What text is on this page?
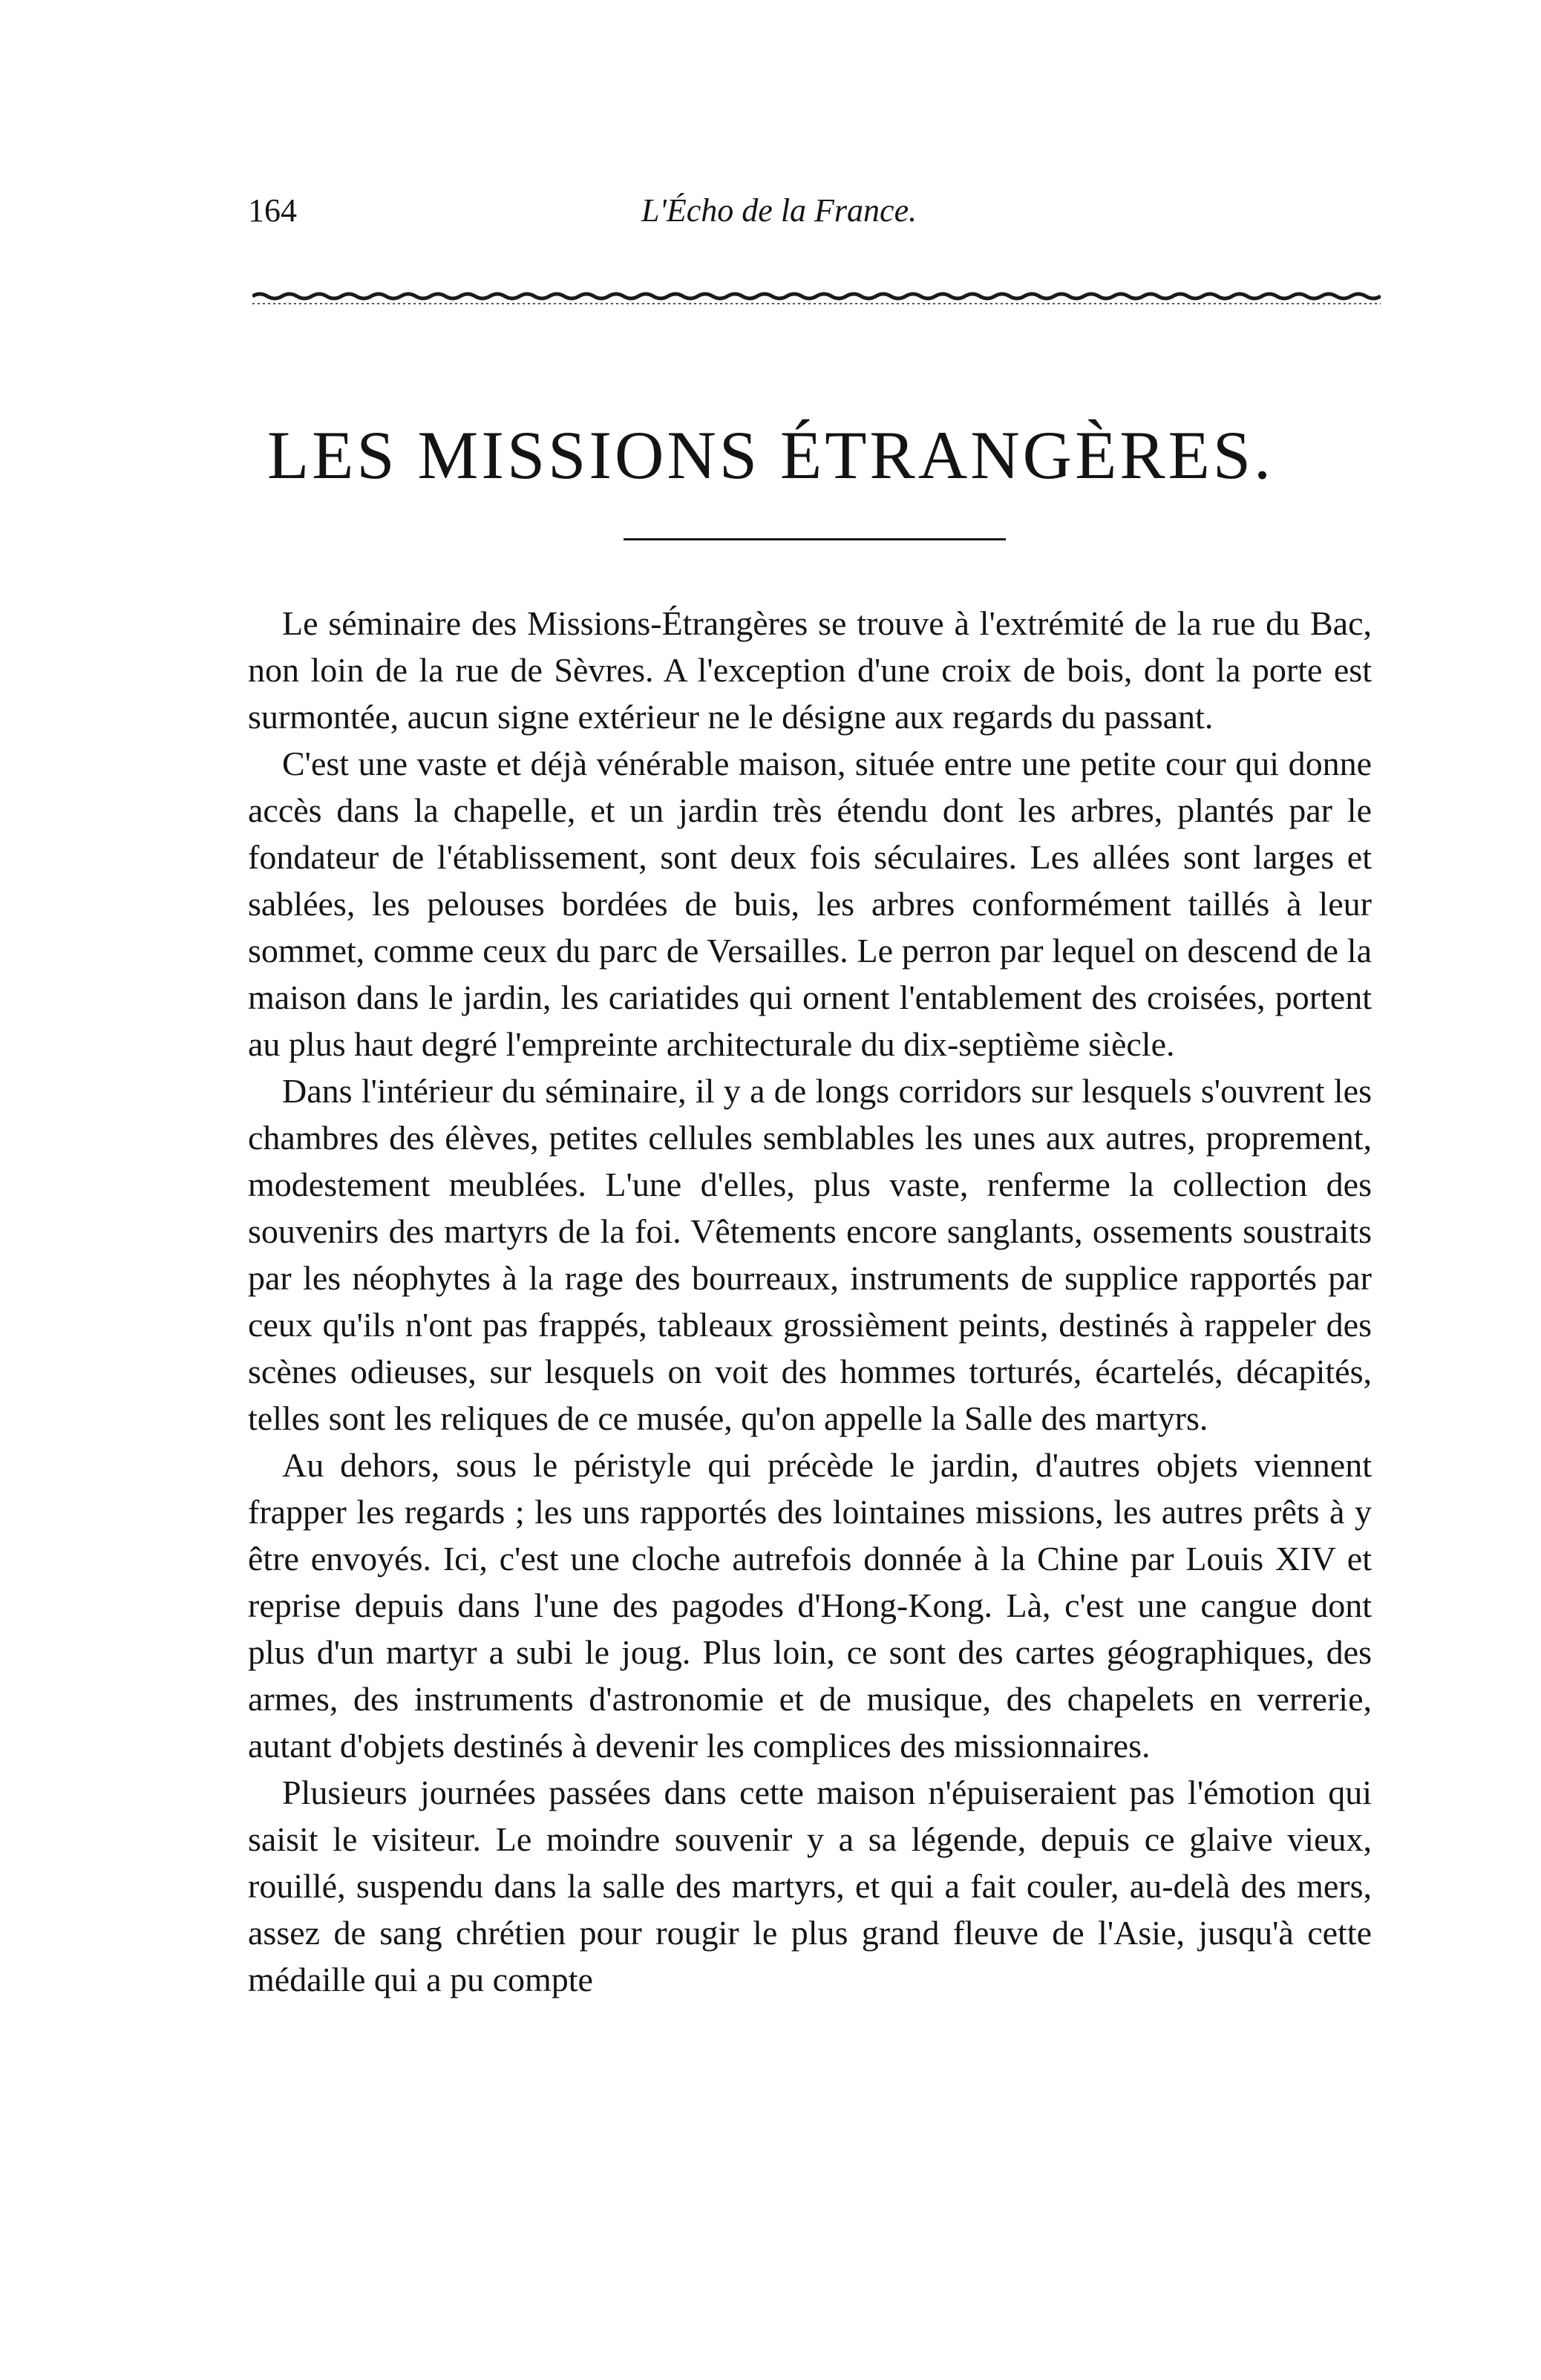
164	L'Écho de la France.
LES MISSIONS ÉTRANGÈRES.

Le séminaire des Missions-Étrangères se trouve à l'extrémité de la rue du Bac, non loin de la rue de Sèvres. A l'exception d'une croix de bois, dont la porte est surmontée, aucun signe extérieur ne le désigne aux regards du passant.

C'est une vaste et déjà vénérable maison, située entre une petite cour qui donne accès dans la chapelle, et un jardin très étendu dont les arbres, plantés par le fondateur de l'établissement, sont deux fois séculaires. Les allées sont larges et sablées, les pelouses bordées de buis, les arbres conformément taillés à leur sommet, comme ceux du parc de Versailles. Le perron par lequel on descend de la maison dans le jardin, les cariatides qui ornent l'entablement des croisées, portent au plus haut degré l'empreinte architecturale du dix-septième siècle.

Dans l'intérieur du séminaire, il y a de longs corridors sur lesquels s'ouvrent les chambres des élèves, petites cellules semblables les unes aux autres, proprement, modestement meublées. L'une d'elles, plus vaste, renferme la collection des souvenirs des martyrs de la foi. Vêtements encore sanglants, ossements soustraits par les néophytes à la rage des bourreaux, instruments de supplice rapportés par ceux qu'ils n'ont pas frappés, tableaux grossièment peints, destinés à rappeler des scènes odieuses, sur lesquels on voit des hommes torturés, écartelés, décapités, telles sont les reliques de ce musée, qu'on appelle la Salle des martyrs.

Au dehors, sous le péristyle qui précède le jardin, d'autres objets viennent frapper les regards ; les uns rapportés des lointaines missions, les autres prêts à y être envoyés. Ici, c'est une cloche autrefois donnée à la Chine par Louis XIV et reprise depuis dans l'une des pagodes d'Hong-Kong. Là, c'est une cangue dont plus d'un martyr a subi le joug. Plus loin, ce sont des cartes géographiques, des armes, des instruments d'astronomie et de musique, des chapelets en verrerie, autant d'objets destinés à devenir les complices des missionnaires.

Plusieurs journées passées dans cette maison n'épuiseraient pas l'émotion qui saisit le visiteur. Le moindre souvenir y a sa légende, depuis ce glaive vieux, rouillé, suspendu dans la salle des martyrs, et qui a fait couler, au-delà des mers, assez de sang chrétien pour rougir le plus grand fleuve de l'Asie, jusqu'à cette médaille qui a pu compte
